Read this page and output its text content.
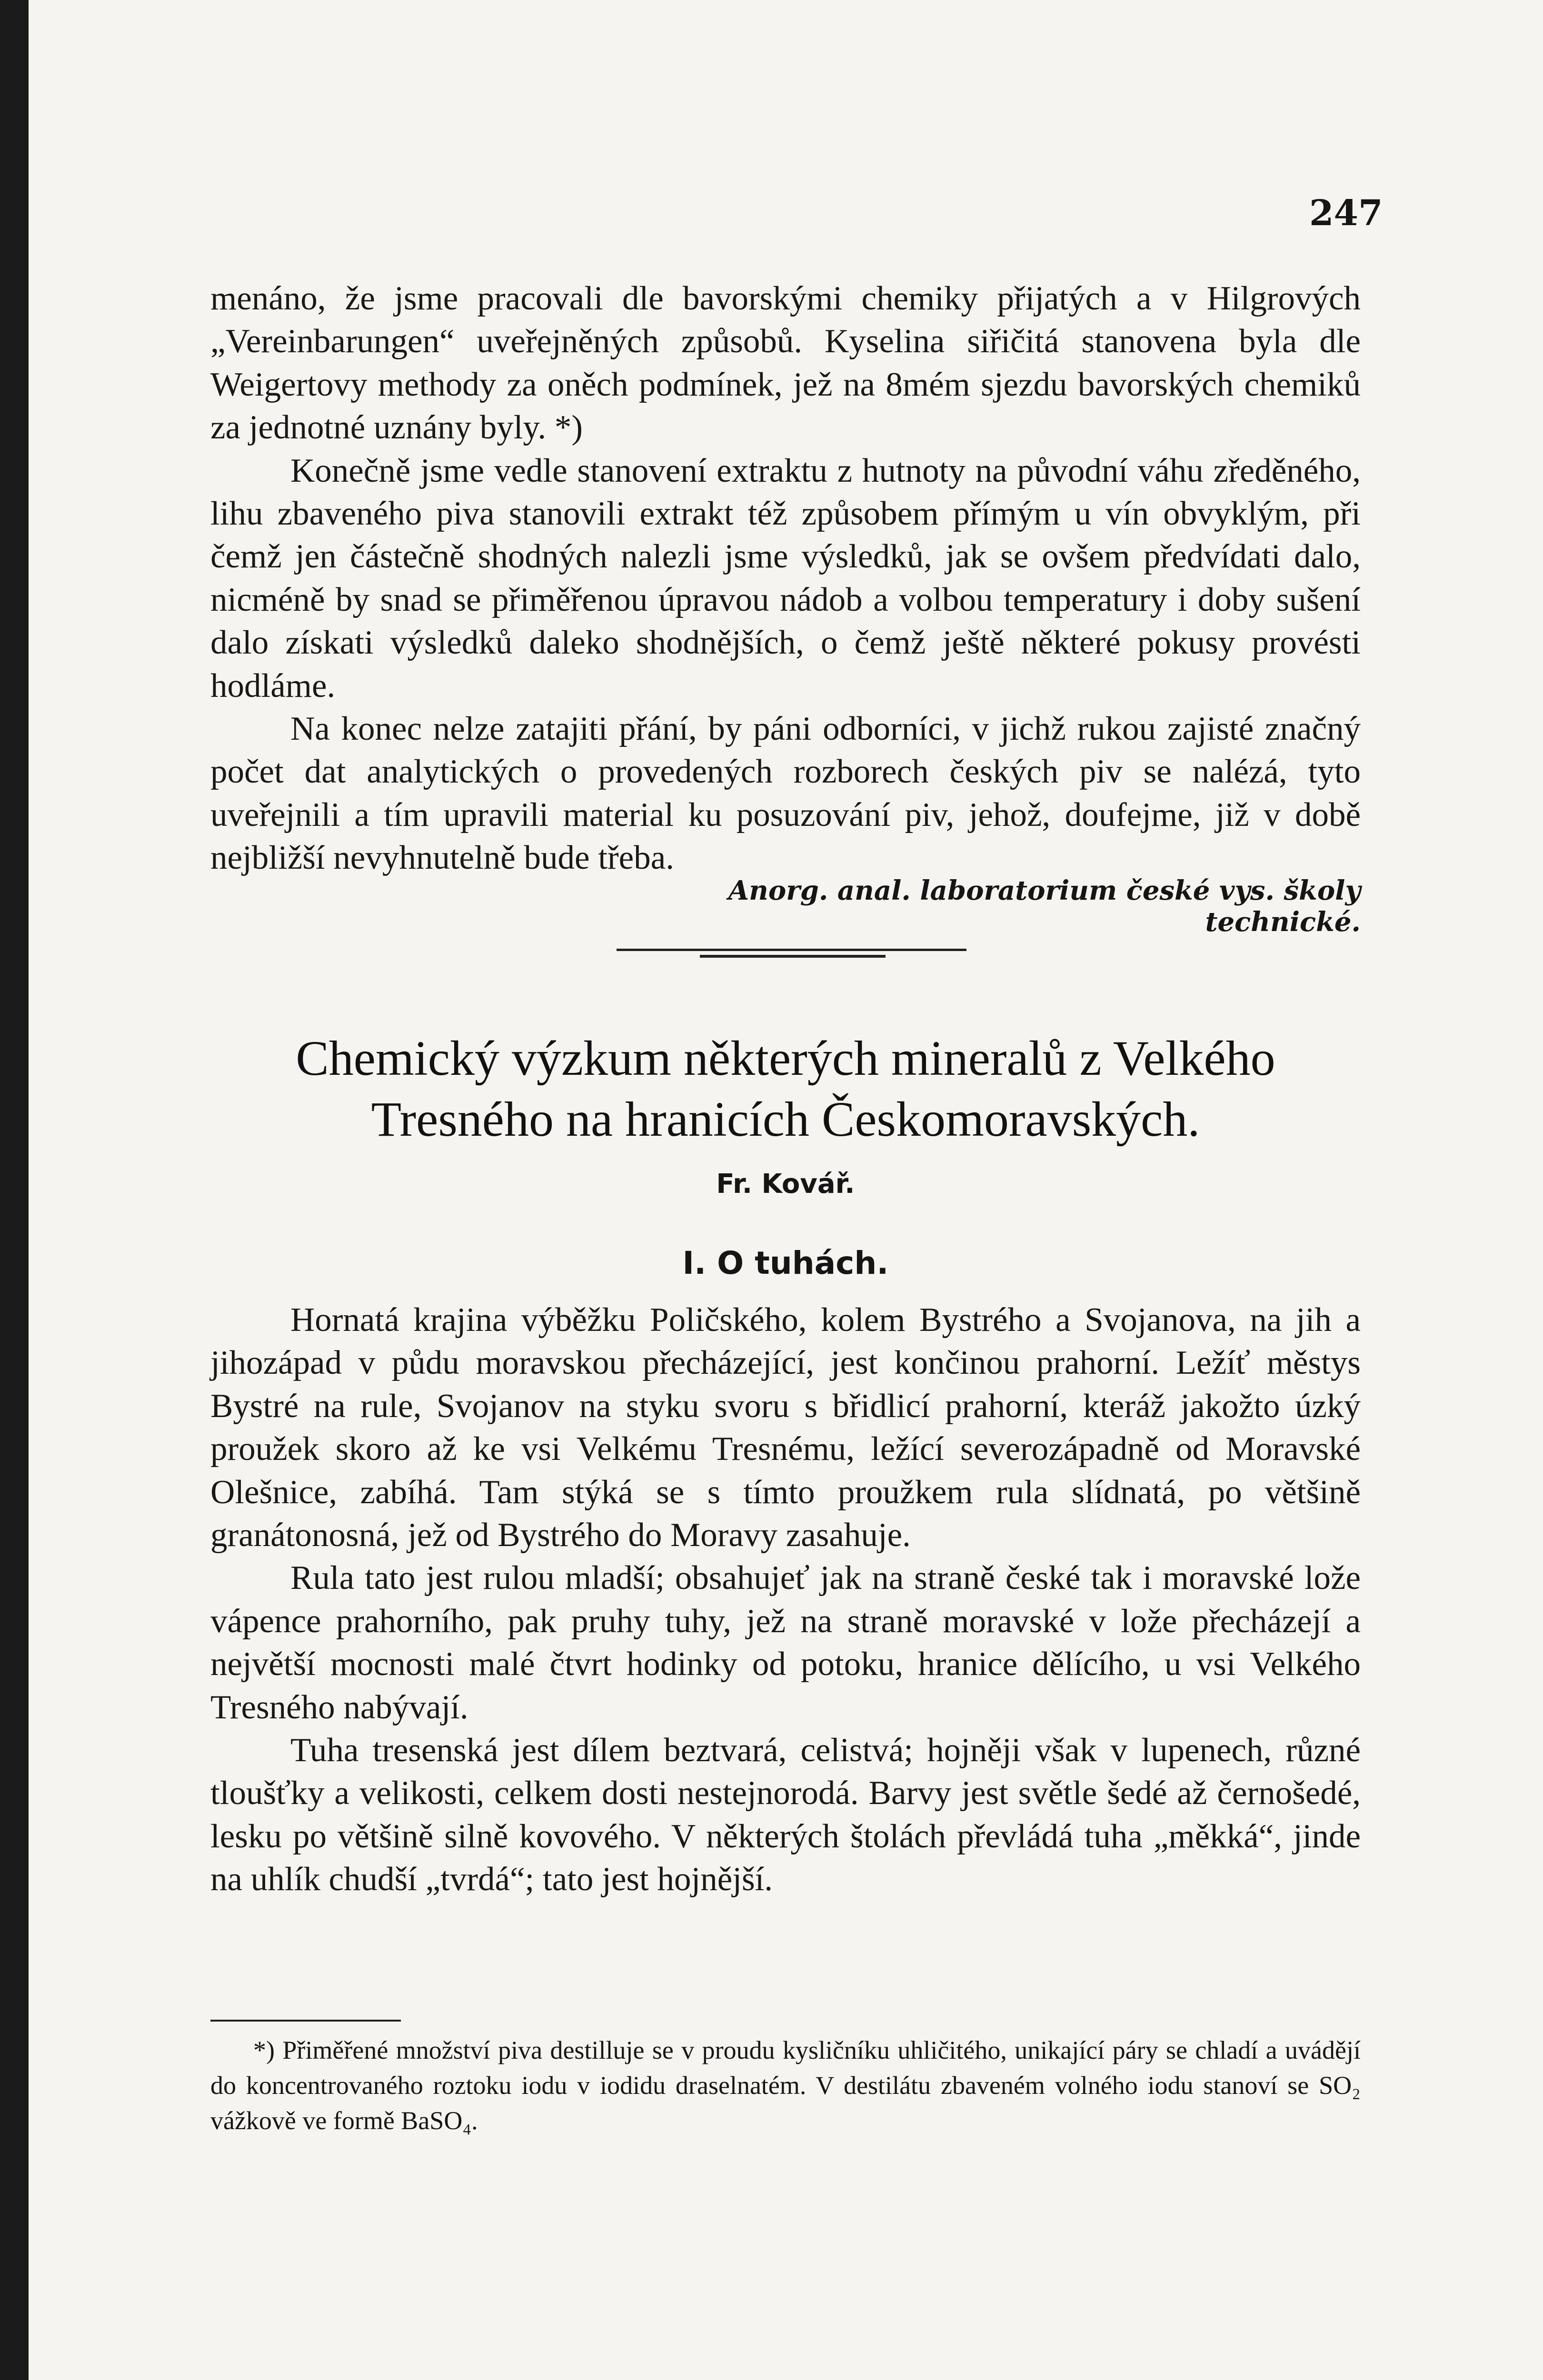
247

menáno, že jsme pracovali dle bavorskými chemiky přijatých a v Hilgrových „Vereinbarungen“ uveřejněných způsobů. Kyselina siřičitá stanovena byla dle Weigertovy methody za oněch podmínek, jež na 8mém sjezdu bavorských chemiků za jednotné uznány byly. *)

Konečně jsme vedle stanovení extraktu z hutnoty na původní váhu zředěného, lihu zbaveného piva stanovili extrakt též způsobem přímým u vín obvyklým, při čemž jen částečně shodných nalezli jsme výsledků, jak se ovšem předvídati dalo, nicméně by snad se přiměřenou úpravou nádob a volbou temperatury i doby sušení dalo získati výsledků daleko shodnějších, o čemž ještě některé pokusy provésti hodláme.

Na konec nelze zatajiti přání, by páni odborníci, v jichž rukou zajisté značný počet dat analytických o provedených rozborech českých piv se nalézá, tyto uveřejnili a tím upravili material ku posuzování piv, jehož, doufejme, již v době nejbližší nevyhnutelně bude třeba.

Anorg. anal. laboratorium české vys. školy technické.
Chemický výzkum některých mineralů z Velkého
Tresného na hranicích Českomoravských.
Fr. Kovář.
I. O tuhách.

Hornatá krajina výběžku Poličského, kolem Bystrého a Svojanova, na jih a jihozápad v půdu moravskou přecházející, jest končinou prahorní. Ležíť městys Bystré na rule, Svojanov na styku svoru s břidlicí prahorní, kteráž jakožto úzký proužek skoro až ke vsi Velkému Tresnému, ležící severozápadně od Moravské Olešnice, zabíhá. Tam stýká se s tímto proužkem rula slídnatá, po většině granátonosná, jež od Bystrého do Moravy zasahuje.

Rula tato jest rulou mladší; obsahujeť jak na straně české tak i moravské lože vápence prahorního, pak pruhy tuhy, jež na straně moravské v lože přecházejí a největší mocnosti malé čtvrt hodinky od potoku, hranice dělícího, u vsi Velkého Tresného nabývají.

Tuha tresenská jest dílem beztvará, celistvá; hojněji však v lupenech, různé tloušťky a velikosti, celkem dosti nestejnorodá. Barvy jest světle šedé až černošedé, lesku po většině silně kovového. V některých štolách převládá tuha „měkká“, jinde na uhlík chudší „tvrdá“; tato jest hojnější.

*) Přiměřené množství piva destilluje se v proudu kysličníku uhličitého, unikající páry se chladí a uvádějí do koncentrovaného roztoku iodu v iodidu draselnatém. V destilátu zbaveném volného iodu stanoví se SO₂ vážkově ve formě BaSO₄.
